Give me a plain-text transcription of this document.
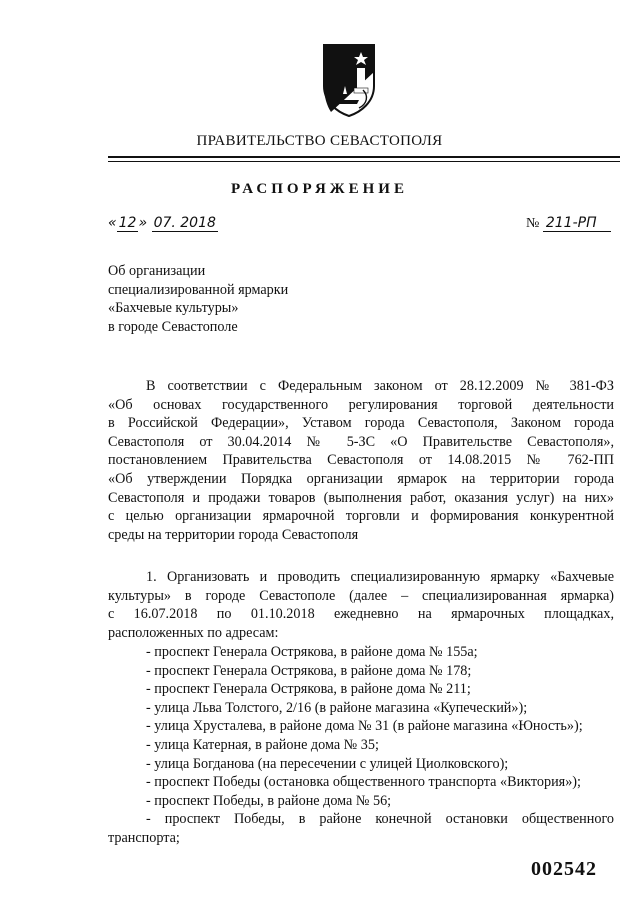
ПРАВИТЕЛЬСТВО СЕВАСТОПОЛЯ
РАСПОРЯЖЕНИЕ
« 12 » 07. 2018	№ 211-РП
Об организации
специализированной ярмарки
«Бахчевые культуры»
в городе Севастополе
В соответствии с Федеральным законом от 28.12.2009 № 381-ФЗ
«Об основах государственного регулирования торговой деятельности
в Российской Федерации», Уставом города Севастополя, Законом города
Севастополя от 30.04.2014 № 5-ЗС «О Правительстве Севастополя»,
постановлением Правительства Севастополя от 14.08.2015 № 762-ПП
«Об утверждении Порядка организации ярмарок на территории города
Севастополя и продажи товаров (выполнения работ, оказания услуг) на них»
с целью организации ярмарочной торговли и формирования конкурентной
среды на территории города Севастополя
1. Организовать и проводить специализированную ярмарку «Бахчевые
культуры» в городе Севастополе (далее – специализированная ярмарка)
с 16.07.2018 по 01.10.2018 ежедневно на ярмарочных площадках,
расположенных по адресам:
- проспект Генерала Острякова, в районе дома № 155а;
- проспект Генерала Острякова, в районе дома № 178;
- проспект Генерала Острякова, в районе дома № 211;
- улица Льва Толстого, 2/16 (в районе магазина «Купеческий»);
- улица Хрусталева, в районе дома № 31 (в районе магазина «Юность»);
- улица Катерная, в районе дома № 35;
- улица Богданова (на пересечении с улицей Циолковского);
- проспект Победы (остановка общественного транспорта «Виктория»);
- проспект Победы, в районе дома № 56;
- проспект Победы, в районе конечной остановки общественного
транспорта;
002542
